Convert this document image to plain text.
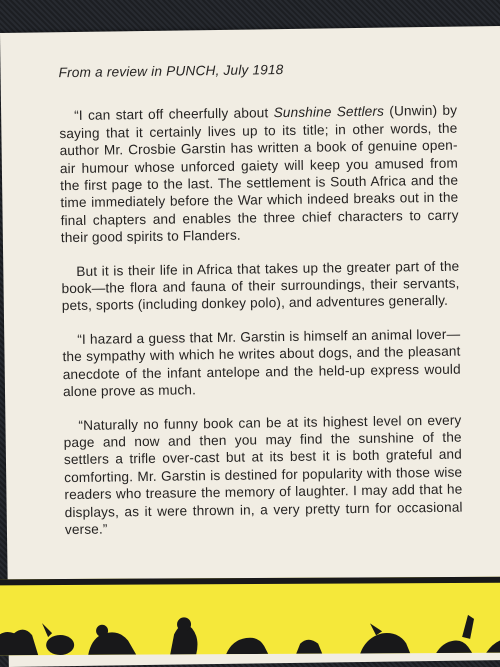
From a review in PUNCH, July 1918

“I can start off cheerfully about Sunshine Settlers (Unwin) by saying that it certainly lives up to its title; in other words, the author Mr. Crosbie Garstin has written a book of genuine open-air humour whose unforced gaiety will keep you amused from the first page to the last. The settlement is South Africa and the time immediately before the War which indeed breaks out in the final chapters and enables the three chief characters to carry their good spirits to Flanders.

But it is their life in Africa that takes up the greater part of the book—the flora and fauna of their surroundings, their servants, pets, sports (including donkey polo), and adventures generally.

“I hazard a guess that Mr. Garstin is himself an animal lover—the sympathy with which he writes about dogs, and the pleasant anecdote of the infant antelope and the held-up express would alone prove as much.

“Naturally no funny book can be at its highest level on every page and now and then you may find the sunshine of the settlers a trifle over-cast but at its best it is both grateful and comforting. Mr. Garstin is destined for popularity with those wise readers who treasure the memory of laughter. I may add that he displays, as it were thrown in, a very pretty turn for occasional verse.”
